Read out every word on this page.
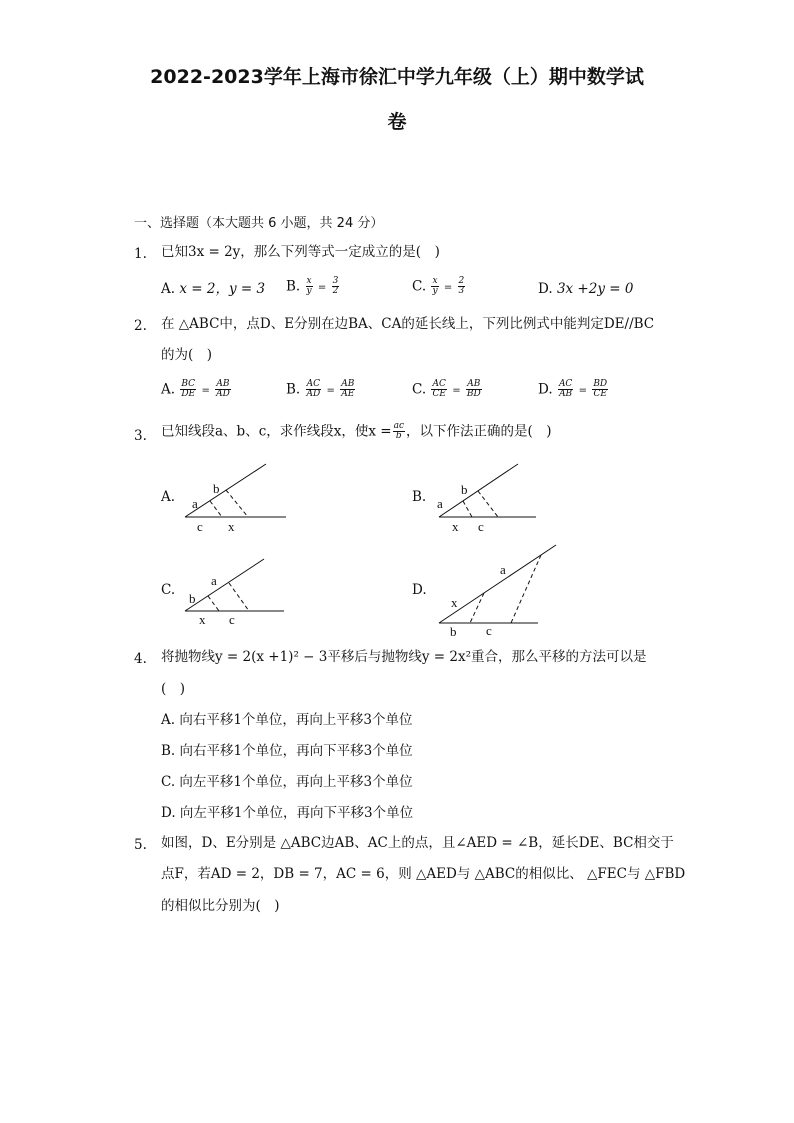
2022-2023学年上海市徐汇中学九年级（上）期中数学试
卷
一、选择题（本大题共 6 小题，共 24 分）
1. 已知3x = 2y，那么下列等式一定成立的是(　)
A. x = 2，y = 3 B. $\frac{x}{y} = \frac{3}{2}$	C. $\frac{x}{y} = \frac{2}{3}$	D. 3x +2y = 0
2. 在 △ABC中，点D、E分别在边BA、CA的延长线上，下列比例式中能判定DE//BC
的为(　)
A. $\frac{BC}{DE} = \frac{AB}{AD}$	B. $\frac{AC}{AD} = \frac{AB}{AE}$	C. $\frac{AC}{CE} = \frac{AB}{BD}$	D. $\frac{AC}{AB} = \frac{BD}{CE}$
3. 已知线段a、b、c，求作线段x，使$x = \frac{ac}{b}$ ，以下作法正确的是(　)
A.
b
a
c x
B.	b
a
x c
C.
a
b
x c
D.
a
x
b c
4. 将抛物线y = 2(x +1)² − 3平移后与抛物线y = 2x²重合，那么平移的方法可以是
(　)
A. 向右平移1个单位，再向上平移3个单位
B. 向右平移1个单位，再向下平移3个单位
C. 向左平移1个单位，再向上平移3个单位
D. 向左平移1个单位，再向下平移3个单位
5. 如图，D、E分别是 △ABC边AB、AC上的点，且∠AED = ∠B，延长DE、BC相交于
点F，若AD = 2，DB = 7，AC = 6，则 △AED与 △ABC的相似比、 △FEC与 △FBD
的相似比分别为(　)
